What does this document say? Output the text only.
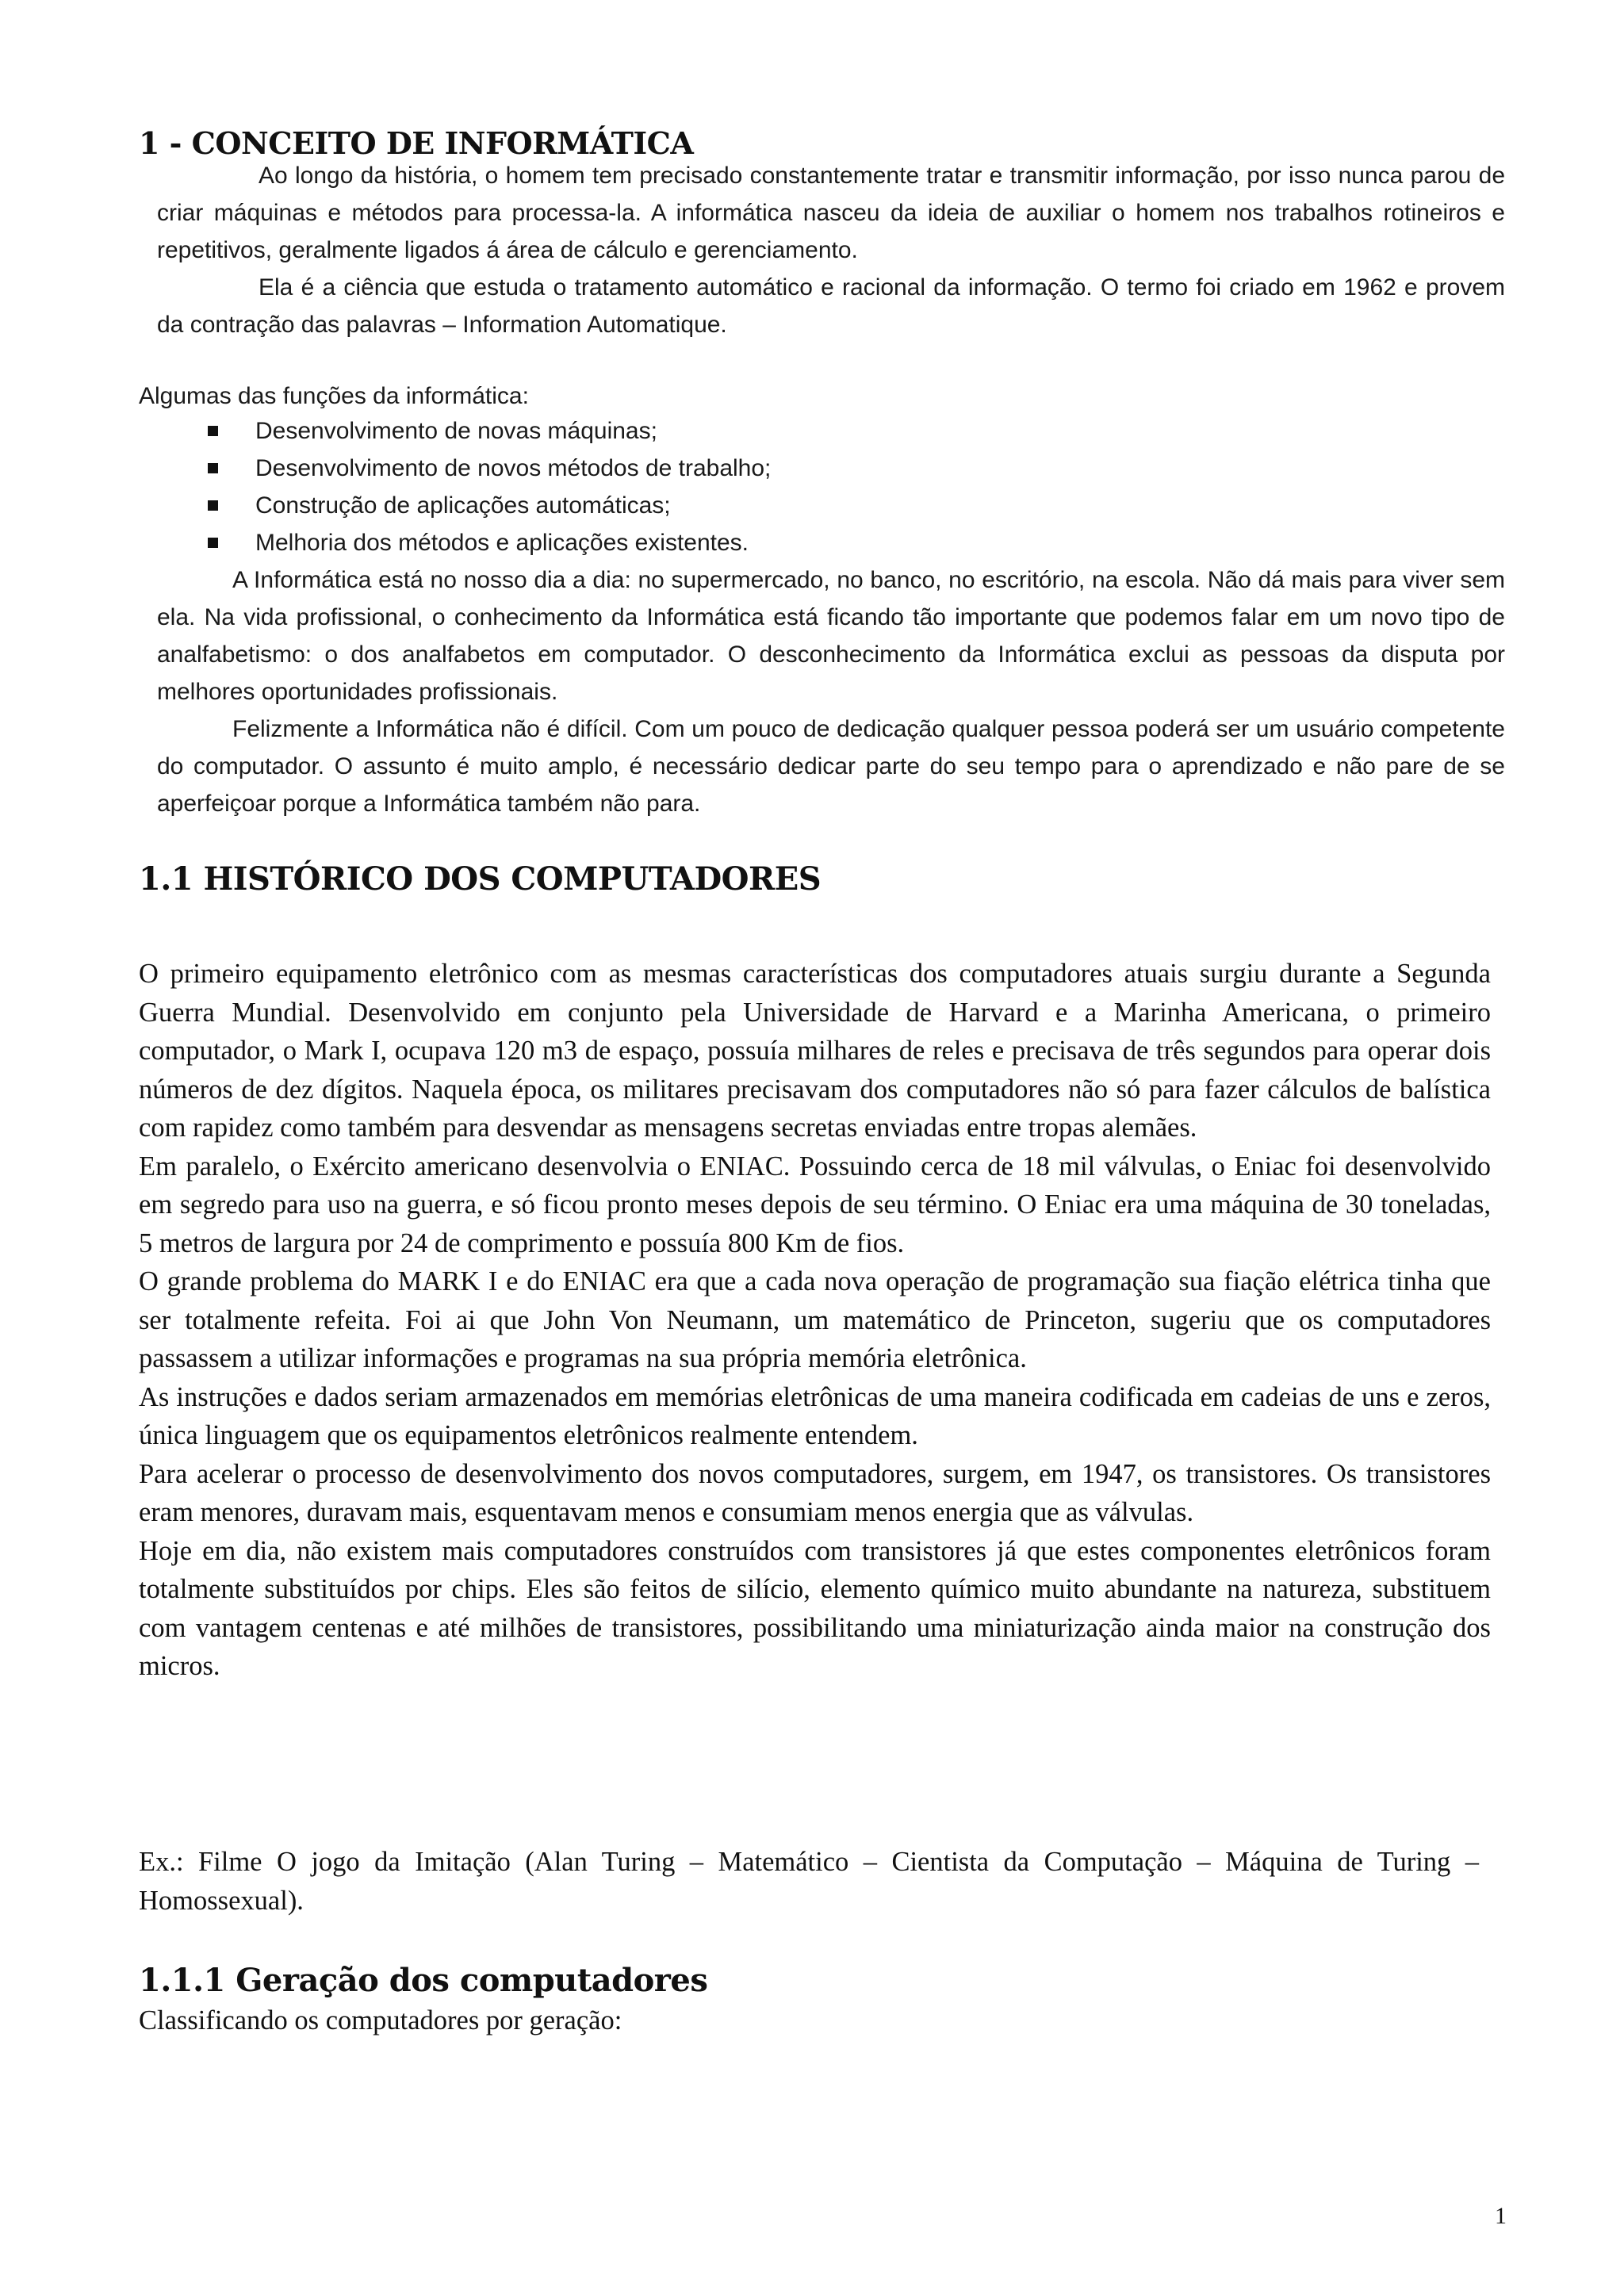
1 - CONCEITO DE INFORMÁTICA

Ao longo da história, o homem tem precisado constantemente tratar e transmitir informação, por isso nunca parou de criar máquinas e métodos para processa-la. A informática nasceu da ideia de auxiliar o homem nos trabalhos rotineiros e repetitivos, geralmente ligados á área de cálculo e gerenciamento.

Ela é a ciência que estuda o tratamento automático e racional da informação. O termo foi criado em 1962 e provem da contração das palavras – Information Automatique.

Algumas das funções da informática:
Desenvolvimento de novas máquinas;
Desenvolvimento de novos métodos de trabalho;
Construção de aplicações automáticas;
Melhoria dos métodos e aplicações existentes.

A Informática está no nosso dia a dia: no supermercado, no banco, no escritório, na escola. Não dá mais para viver sem ela. Na vida profissional, o conhecimento da Informática está ficando tão importante que podemos falar em um novo tipo de analfabetismo: o dos analfabetos em computador. O desconhecimento da Informática exclui as pessoas da disputa por melhores oportunidades profissionais.

Felizmente a Informática não é difícil. Com um pouco de dedicação qualquer pessoa poderá ser um usuário competente do computador. O assunto é muito amplo, é necessário dedicar parte do seu tempo para o aprendizado e não pare de se aperfeiçoar porque a Informática também não para.

1.1 HISTÓRICO DOS COMPUTADORES

O primeiro equipamento eletrônico com as mesmas características dos computadores atuais surgiu durante a Segunda Guerra Mundial. Desenvolvido em conjunto pela Universidade de Harvard e a Marinha Americana, o primeiro computador, o Mark I, ocupava 120 m3 de espaço, possuía milhares de reles e precisava de três segundos para operar dois números de dez dígitos. Naquela época, os militares precisavam dos computadores não só para fazer cálculos de balística com rapidez como também para desvendar as mensagens secretas enviadas entre tropas alemães.

Em paralelo, o Exército americano desenvolvia o ENIAC. Possuindo cerca de 18 mil válvulas, o Eniac foi desenvolvido em segredo para uso na guerra, e só ficou pronto meses depois de seu término. O Eniac era uma máquina de 30 toneladas, 5 metros de largura por 24 de comprimento e possuía 800 Km de fios.

O grande problema do MARK I e do ENIAC era que a cada nova operação de programação sua fiação elétrica tinha que ser totalmente refeita. Foi ai que John Von Neumann, um matemático de Princeton, sugeriu que os computadores passassem a utilizar informações e programas na sua própria memória eletrônica.

As instruções e dados seriam armazenados em memórias eletrônicas de uma maneira codificada em cadeias de uns e zeros, única linguagem que os equipamentos eletrônicos realmente entendem.

Para acelerar o processo de desenvolvimento dos novos computadores, surgem, em 1947, os transistores. Os transistores eram menores, duravam mais, esquentavam menos e consumiam menos energia que as válvulas.

Hoje em dia, não existem mais computadores construídos com transistores já que estes componentes eletrônicos foram totalmente substituídos por chips. Eles são feitos de silício, elemento químico muito abundante na natureza, substituem com vantagem centenas e até milhões de transistores, possibilitando uma miniaturização ainda maior na construção dos micros.

Ex.: Filme O jogo da Imitação (Alan Turing – Matemático – Cientista da Computação – Máquina de Turing – Homossexual).

1.1.1 Geração dos computadores

Classificando os computadores por geração:

1
